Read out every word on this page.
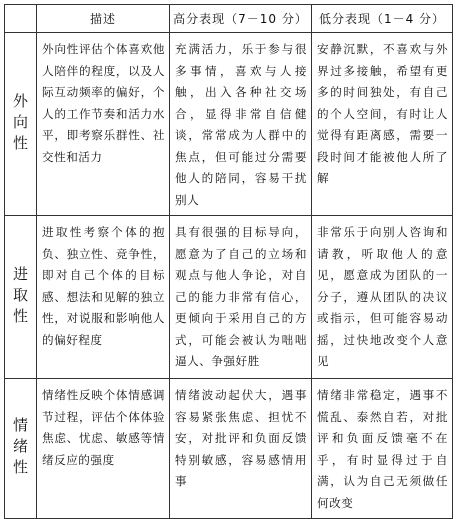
	描述	高分表现（7－10 分）	低分表现（1－4 分）
外向性	外向性评估个体喜欢他人陪伴的程度，以及人际互动频率的偏好，个人的工作节奏和活力水平，即考察乐群性、社交性和活力	充满活力，乐于参与很多事情，喜欢与人接触，出入各种社交场合，显得非常自信健谈，常常成为人群中的焦点，但可能过分需要他人的陪同，容易干扰别人	安静沉默，不喜欢与外界过多接触，希望有更多的时间独处，有自己的个人空间，有时让人觉得有距离感，需要一段时间才能被他人所了解
进取性	进取性考察个体的抱负、独立性、竞争性，即对自己个体的目标感、想法和见解的独立性，对说服和影响他人的偏好程度	具有很强的目标导向，愿意为了自己的立场和观点与他人争论，对自己的能力非常有信心，更倾向于采用自己的方式，可能会被认为咄咄逼人、争强好胜	非常乐于向别人咨询和请教，听取他人的意见，愿意成为团队的一分子，遵从团队的决议或指示，但可能容易动摇，过快地改变个人意见
情绪性	情绪性反映个体情感调节过程，评估个体体验焦虑、忧虑、敏感等情绪反应的强度	情绪波动起伏大，遇事容易紧张焦虑、担忧不安，对批评和负面反馈特别敏感，容易感情用事	情绪非常稳定，遇事不慌乱、泰然自若，对批评和负面反馈毫不在乎，有时显得过于自满，认为自己无须做任何改变
